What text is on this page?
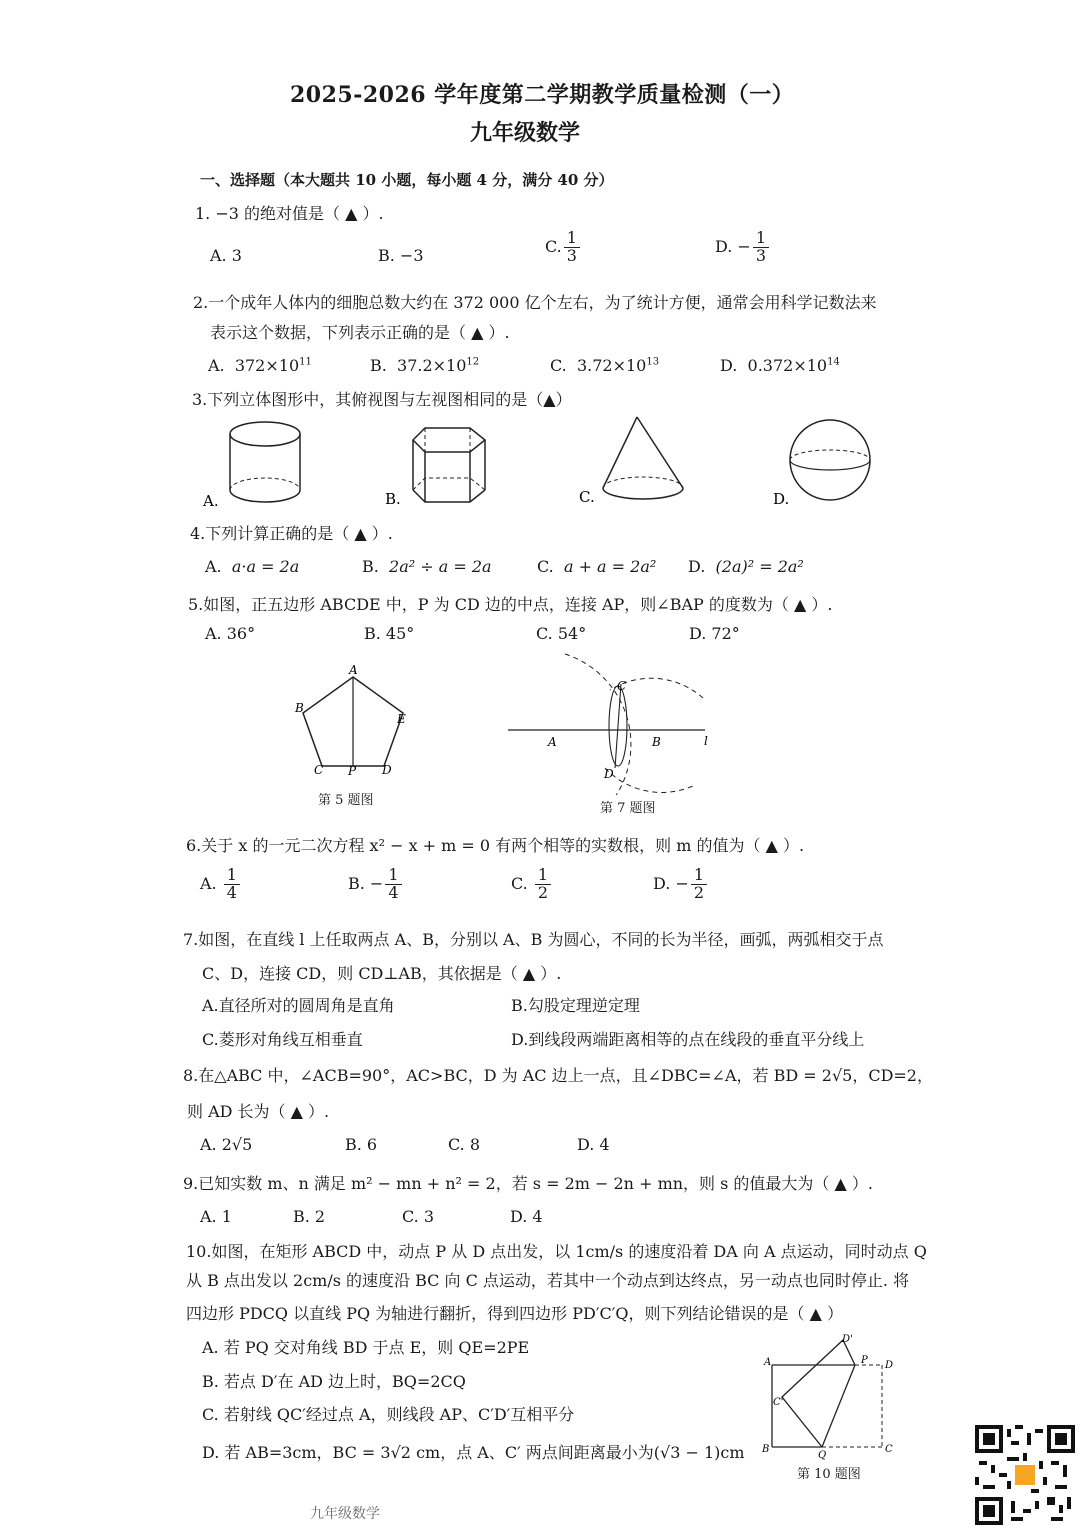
2025-2026 学年度第二学期教学质量检测（一）
九年级数学
一、选择题（本大题共 10 小题，每小题 4 分，满分 40 分）
1. −3 的绝对值是（ ▲ ）.
A. 3	B. −3	C. $\frac{1}{3}$	D. − $\frac{1}{3}$
2.一个成年人体内的细胞总数大约在 372 000 亿个左右，为了统计方便，通常会用科学记数法来
表示这个数据，下列表示正确的是（ ▲ ）.
A. $372\times 10^{11}$	B. $37.2\times 10^{12}$	C. $3.72\times 10^{13}$	D. $0.372\times 10^{14}$
3.下列立体图形中，其俯视图与左视图相同的是（▲）
A.	B.	C.	D.
4.下列计算正确的是（ ▲ ）.
A. a·a = 2a	B. 2a² ÷ a = 2a	C. a + a = 2a² D. (2a)² = 2a²
5.如图，正五边形 ABCDE 中，P 为 CD 边的中点，连接 AP，则∠BAP 的度数为（ ▲ ）.
A. 36°	B. 45°	C. 54°	D. 72°
A
B
E
C P D
第 5 题图
A	B
C
D
l
第 7 题图
6.关于 x 的一元二次方程 x² − x + m = 0 有两个相等的实数根，则 m 的值为（ ▲ ）.
A. $\frac{1}{4}$	B. − $\frac{1}{4}$	C. $\frac{1}{2}$	D. − $\frac{1}{2}$
7.如图，在直线 l 上任取两点 A、B，分别以 A、B 为圆心，不同的长为半径，画弧，两弧相交于点
C、D，连接 CD，则 CD⊥AB，其依据是（ ▲ ）.
A.直径所对的圆周角是直角	B.勾股定理逆定理
C.菱形对角线互相垂直	D.到线段两端距离相等的点在线段的垂直平分线上
8.在△ABC 中，∠ACB=90°，AC>BC，D 为 AC 边上一点，且∠DBC=∠A，若 BD = 2√5，CD=2，
则 AD 长为（ ▲ ）.
A. 2√5	B. 6	C. 8	D. 4
9.已知实数 m、n 满足 m² − mn + n² = 2，若 s = 2m − 2n + mn，则 s 的值最大为（ ▲ ）.
A. 1	B. 2	C. 3	D. 4
10.如图，在矩形 ABCD 中，动点 P 从 D 点出发，以 1cm/s 的速度沿着 DA 向 A 点运动，同时动点 Q
从 B 点出发以 2cm/s 的速度沿 BC 向 C 点运动，若其中一个动点到达终点，另一动点也同时停止. 将
四边形 PDCQ 以直线 PQ 为轴进行翻折，得到四边形 PD′C′Q，则下列结论错误的是（ ▲ ）
A. 若 PQ 交对角线 BD 于点 E，则 QE=2PE
B. 若点 D′在 AD 边上时，BQ=2CQ
C. 若射线 QC′经过点 A，则线段 AP、C′D′互相平分
D. 若 AB=3cm，BC = 3√2 cm，点 A、C′ 两点间距离最小为(√3 − 1)cm
A
B
D
C
P
Q
C'
D'
第 10 题图
九年级数学
